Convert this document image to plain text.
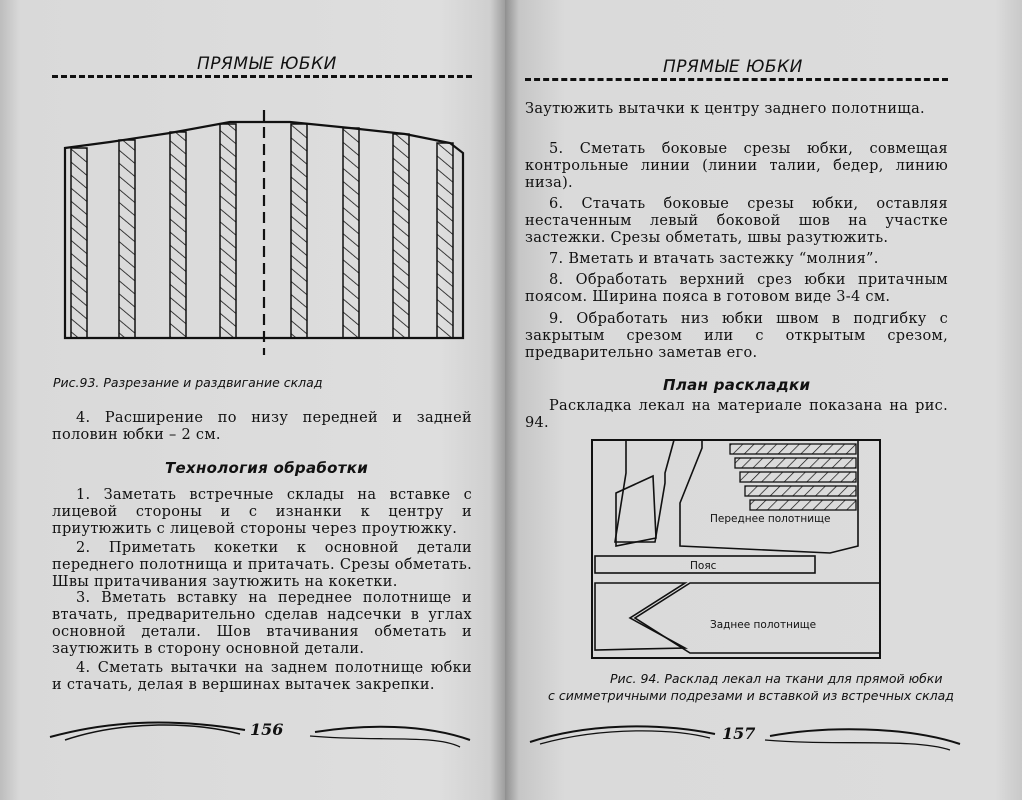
ПРЯМЫЕ ЮБКИ
Рис.93. Разрезание и раздвигание склад
4. Расширение по низу передней и задней половин юбки – 2 см.
Технология обработки
1. Заметать встречные склады на вставке с лицевой стороны и с изнанки к центру и приутюжить с лицевой стороны через проутюжку.
2. Приметать кокетки к основной детали переднего полотнища и притачать. Срезы обметать. Швы притачивания заутюжить на кокетки.
3. Вметать вставку на переднее полотнище и втачать, предварительно сделав надсечки в углах основной детали. Шов втачивания обметать и заутюжить в сторону основной детали.
4. Сметать вытачки на заднем полотнище юбки и стачать, делая в вершинах вытачек закрепки.
156
ПРЯМЫЕ ЮБКИ
Заутюжить вытачки к центру заднего полотнища.
5. Сметать боковые срезы юбки, совмещая контрольные линии (линии талии, бедер, линию низа).
6. Стачать боковые срезы юбки, оставляя нестаченным левый боковой шов на участке застежки. Срезы обметать, швы разутюжить.
7. Вметать и втачать застежку “молния”.
8. Обработать верхний срез юбки притачным поясом. Ширина пояса в готовом виде 3-4 см.
9. Обработать низ юбки швом в подгибку с закрытым срезом или с открытым срезом, предварительно заметав его.
План раскладки
Раскладка лекал на материале показана на рис. 94.
Переднее полотнище
Пояс
Заднее полотнище
Рис. 94. Расклад лекал на ткани для прямой юбки
с симметричными подрезами и вставкой из встречных склад
157
